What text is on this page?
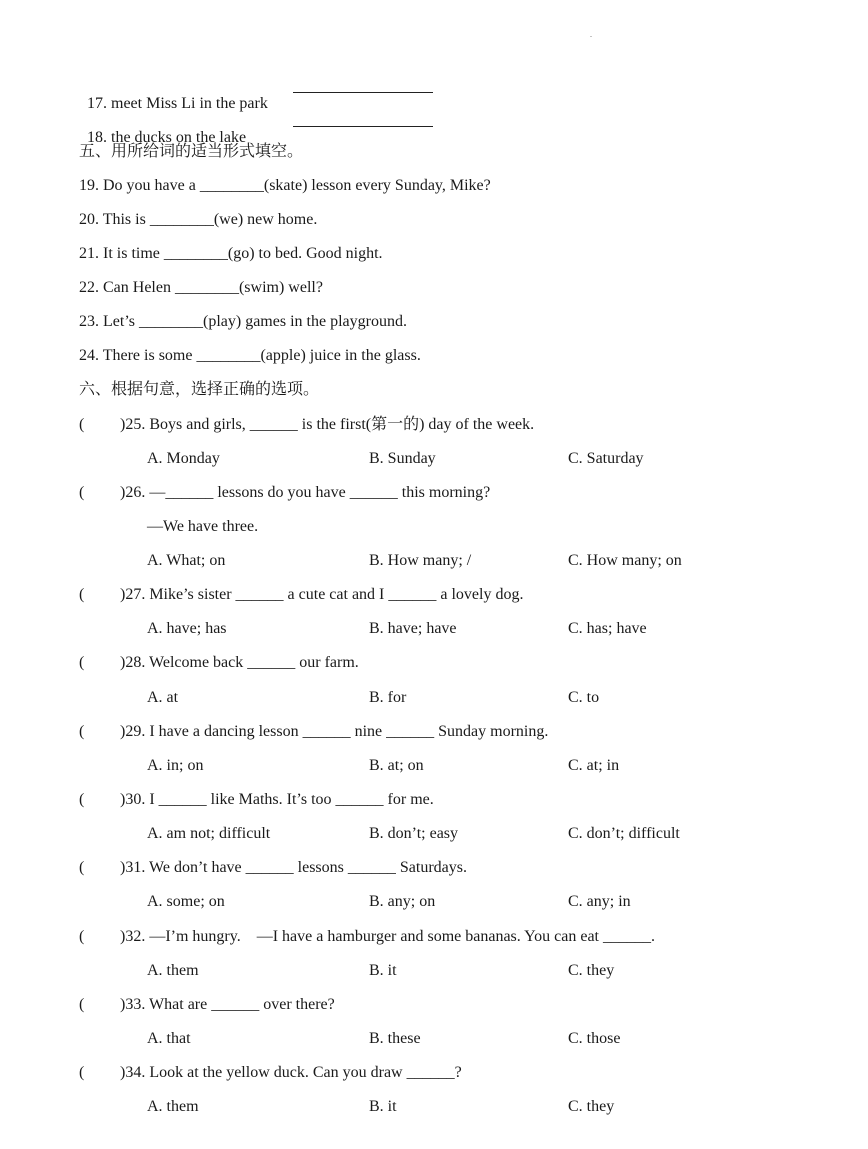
.

17. meet Miss Li in the park

18. the ducks on the lake

五、用所给词的适当形式填空。
19. Do you have a ________(skate) lesson every Sunday, Mike?
20. This is ________(we) new home.
21. It is time ________(go) to bed. Good night.
22. Can Helen ________(swim) well?
23. Let’s ________(play) games in the playground.
24. There is some ________(apple) juice in the glass.
六、根据句意，选择正确的选项。
( )25. Boys and girls, ______ is the first(第一的) day of the week.
A. Monday	B. Sunday	C. Saturday
( )26. —______ lessons do you have ______ this morning?
—We have three.
A. What; on	B. How many; /	C. How many; on
( )27. Mike’s sister ______ a cute cat and I ______ a lovely dog.
A. have; has	B. have; have	C. has; have
( )28. Welcome back ______ our farm.
A. at	B. for	C. to
( )29. I have a dancing lesson ______ nine ______ Sunday morning.
A. in; on	B. at; on	C. at; in
( )30. I ______ like Maths. It’s too ______ for me.
A. am not; difficult	B. don’t; easy	C. don’t; difficult
( )31. We don’t have ______ lessons ______ Saturdays.
A. some; on	B. any; on	C. any; in
( )32. —I’m hungry.    —I have a hamburger and some bananas. You can eat ______.
A. them	B. it	C. they
( )33. What are ______ over there?
A. that	B. these	C. those
( )34. Look at the yellow duck. Can you draw ______?
A. them	B. it	C. they
